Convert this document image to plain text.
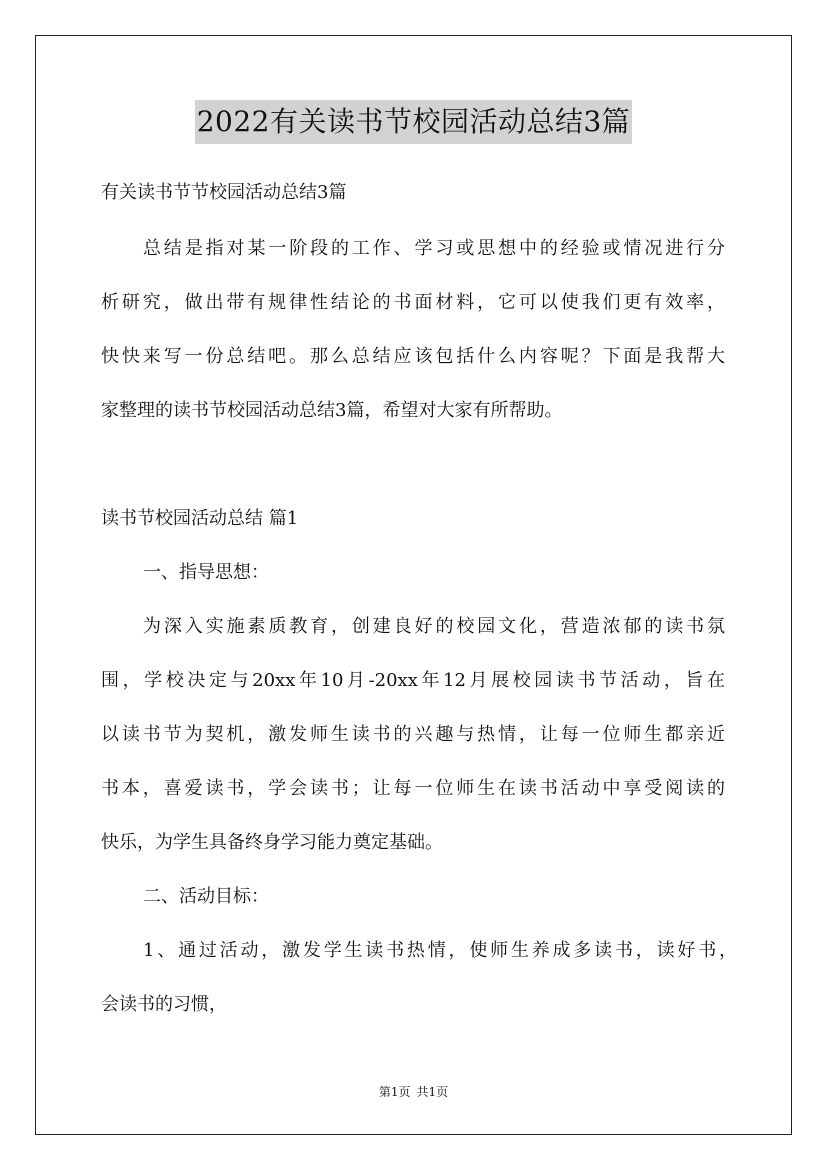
2022有关读书节校园活动总结3篇
有关读书节节校园活动总结3篇
总结是指对某一阶段的工作、学习或思想中的经验或情况进行分
析研究，做出带有规律性结论的书面材料，它可以使我们更有效率，
快快来写一份总结吧。那么总结应该包括什么内容呢？下面是我帮大
家整理的读书节校园活动总结3篇，希望对大家有所帮助。
读书节校园活动总结 篇1
一、指导思想：
为深入实施素质教育，创建良好的校园文化，营造浓郁的读书氛
围，学校决定与20xx年10月-20xx年12月展校园读书节活动，旨在
以读书节为契机，激发师生读书的兴趣与热情，让每一位师生都亲近
书本，喜爱读书，学会读书；让每一位师生在读书活动中享受阅读的
快乐，为学生具备终身学习能力奠定基础。
二、活动目标：
1、通过活动，激发学生读书热情，使师生养成多读书，读好书，
会读书的习惯，
第1页 共1页
